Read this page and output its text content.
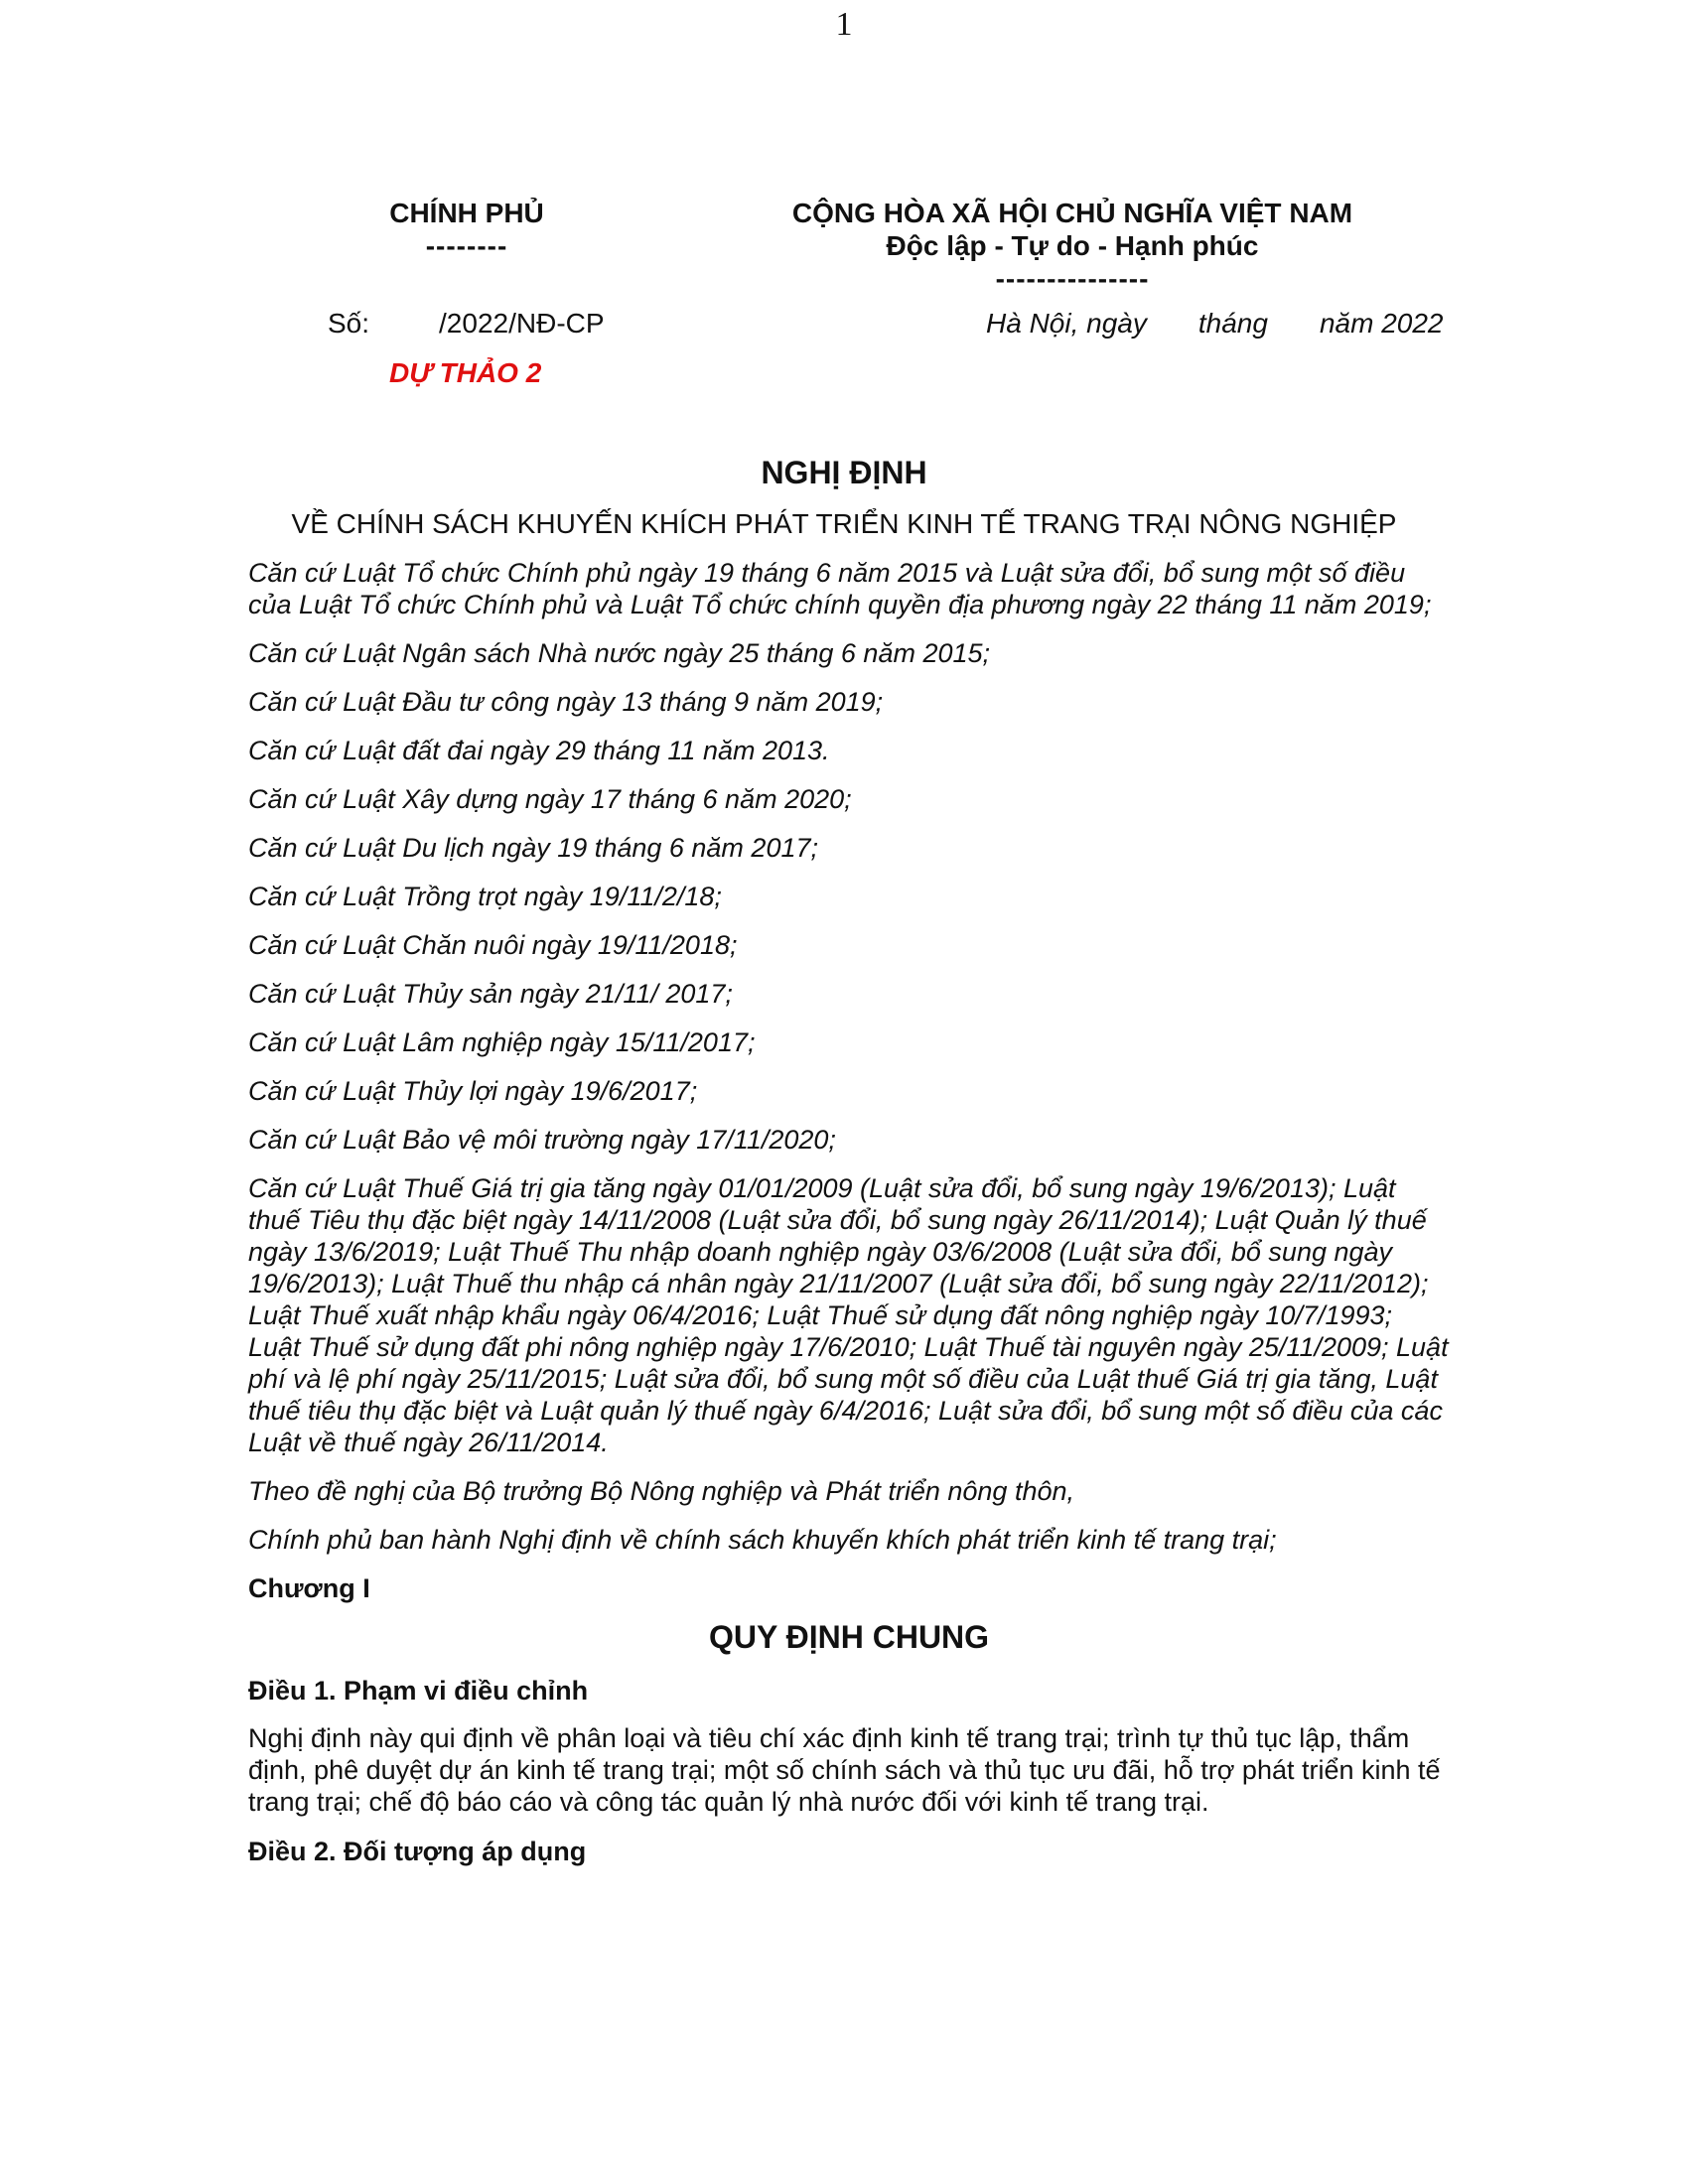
1
CHÍNH PHỦ
--------
CỘNG HÒA XÃ HỘI CHỦ NGHĨA VIỆT NAM
Độc lập - Tự do - Hạnh phúc
---------------
Số:	/2022/NĐ-CP	Hà Nội, ngày tháng năm 2022
DỰ THẢO 2
NGHỊ ĐỊNH
VỀ CHÍNH SÁCH KHUYẾN KHÍCH PHÁT TRIỂN KINH TẾ TRANG TRẠI NÔNG NGHIỆP

Căn cứ Luật Tổ chức Chính phủ ngày 19 tháng 6 năm 2015 và Luật sửa đổi, bổ sung một số điều của Luật Tổ chức Chính phủ và Luật Tổ chức chính quyền địa phương ngày 22 tháng 11 năm 2019;

Căn cứ Luật Ngân sách Nhà nước ngày 25 tháng 6 năm 2015;

Căn cứ Luật Đầu tư công ngày 13 tháng 9 năm 2019;

Căn cứ Luật đất đai ngày 29 tháng 11 năm 2013.

Căn cứ Luật Xây dựng ngày 17 tháng 6 năm 2020;

Căn cứ Luật Du lịch ngày 19 tháng 6 năm 2017;

Căn cứ Luật Trồng trọt ngày 19/11/2/18;

Căn cứ Luật Chăn nuôi ngày 19/11/2018;

Căn cứ Luật Thủy sản ngày 21/11/ 2017;

Căn cứ Luật Lâm nghiệp ngày 15/11/2017;

Căn cứ Luật Thủy lợi ngày 19/6/2017;

Căn cứ Luật Bảo vệ môi trường ngày 17/11/2020;

Căn cứ Luật Thuế Giá trị gia tăng ngày 01/01/2009 (Luật sửa đổi, bổ sung ngày 19/6/2013); Luật thuế Tiêu thụ đặc biệt ngày 14/11/2008 (Luật sửa đổi, bổ sung ngày 26/11/2014); Luật Quản lý thuế ngày 13/6/2019; Luật Thuế Thu nhập doanh nghiệp ngày 03/6/2008 (Luật sửa đổi, bổ sung ngày 19/6/2013); Luật Thuế thu nhập cá nhân ngày 21/11/2007 (Luật sửa đổi, bổ sung ngày 22/11/2012); Luật Thuế xuất nhập khẩu ngày 06/4/2016; Luật Thuế sử dụng đất nông nghiệp ngày 10/7/1993; Luật Thuế sử dụng đất phi nông nghiệp ngày 17/6/2010; Luật Thuế tài nguyên ngày 25/11/2009; Luật phí và lệ phí ngày 25/11/2015; Luật sửa đổi, bổ sung một số điều của Luật thuế Giá trị gia tăng, Luật thuế tiêu thụ đặc biệt và Luật quản lý thuế ngày 6/4/2016; Luật sửa đổi, bổ sung một số điều của các Luật về thuế ngày 26/11/2014.

Theo đề nghị của Bộ trưởng Bộ Nông nghiệp và Phát triển nông thôn,

Chính phủ ban hành Nghị định về chính sách khuyến khích phát triển kinh tế trang trại;

Chương I

QUY ĐỊNH CHUNG

Điều 1. Phạm vi điều chỉnh

Nghị định này qui định về phân loại và tiêu chí xác định kinh tế trang trại; trình tự thủ tục lập, thẩm định, phê duyệt dự án kinh tế trang trại; một số chính sách và thủ tục ưu đãi, hỗ trợ phát triển kinh tế trang trại; chế độ báo cáo và công tác quản lý nhà nước đối với kinh tế trang trại.

Điều 2. Đối tượng áp dụng
